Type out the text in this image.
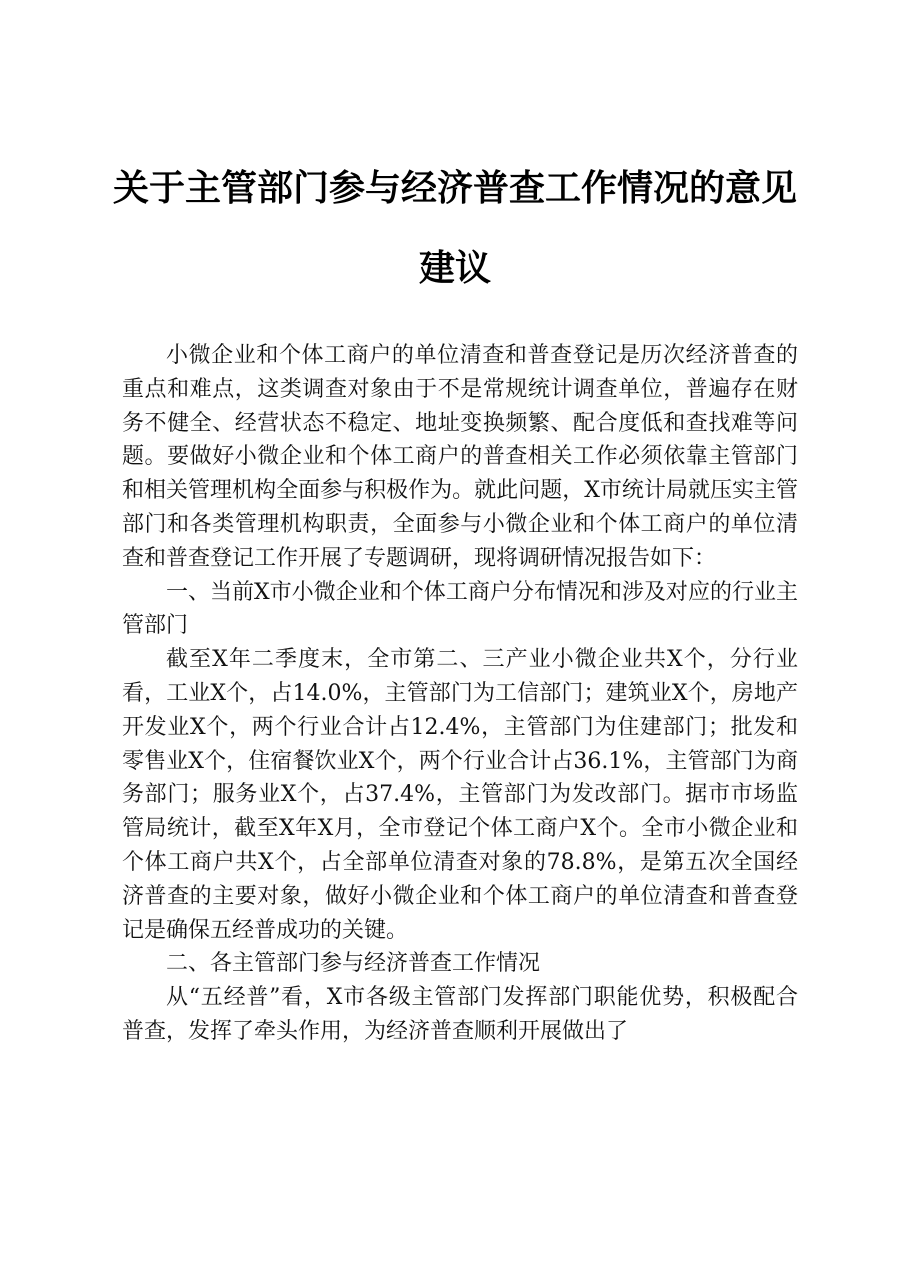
关于主管部门参与经济普查工作情况的意见建议

小微企业和个体工商户的单位清查和普查登记是历次经济普查的重点和难点，这类调查对象由于不是常规统计调查单位，普遍存在财务不健全、经营状态不稳定、地址变换频繁、配合度低和查找难等问题。要做好小微企业和个体工商户的普查相关工作必须依靠主管部门和相关管理机构全面参与积极作为。就此问题，X市统计局就压实主管部门和各类管理机构职责，全面参与小微企业和个体工商户的单位清查和普查登记工作开展了专题调研，现将调研情况报告如下：

一、当前X市小微企业和个体工商户分布情况和涉及对应的行业主管部门

截至X年二季度末，全市第二、三产业小微企业共X个，分行业看，工业X个，占14.0%，主管部门为工信部门；建筑业X个，房地产开发业X个，两个行业合计占12.4%，主管部门为住建部门；批发和零售业X个，住宿餐饮业X个，两个行业合计占36.1%，主管部门为商务部门；服务业X个，占37.4%，主管部门为发改部门。据市市场监管局统计，截至X年X月，全市登记个体工商户X个。全市小微企业和个体工商户共X个，占全部单位清查对象的78.8%，是第五次全国经济普查的主要对象，做好小微企业和个体工商户的单位清查和普查登记是确保五经普成功的关键。

二、各主管部门参与经济普查工作情况

从“五经普”看，X市各级主管部门发挥部门职能优势，积极配合普查，发挥了牵头作用，为经济普查顺利开展做出了
